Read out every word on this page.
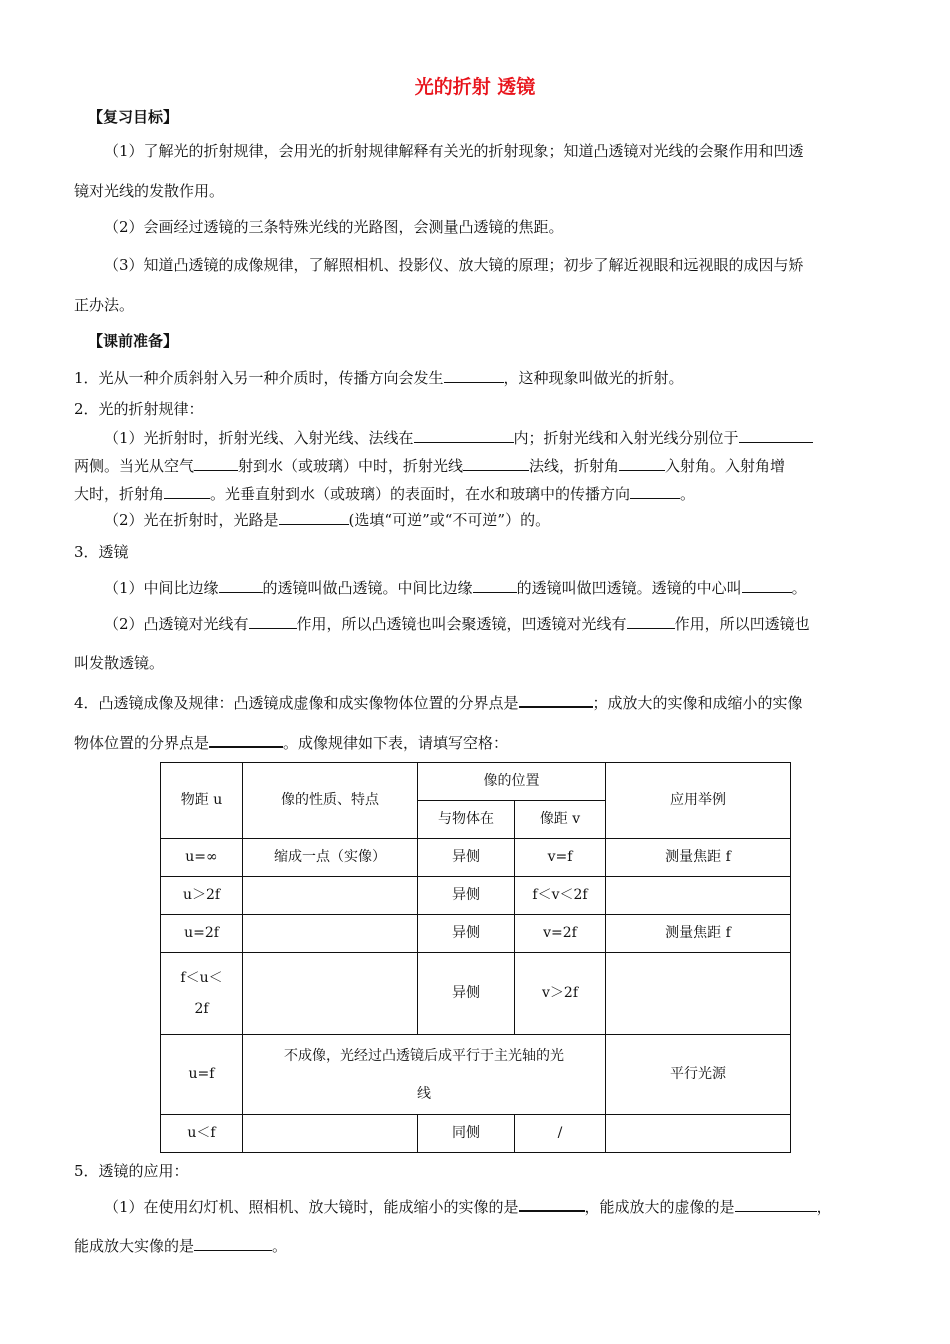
光的折射 透镜
【复习目标】
（1）了解光的折射规律，会用光的折射规律解释有关光的折射现象；知道凸透镜对光线的会聚作用和凹透
镜对光线的发散作用。
（2）会画经过透镜的三条特殊光线的光路图，会测量凸透镜的焦距。
（3）知道凸透镜的成像规律，了解照相机、投影仪、放大镜的原理；初步了解近视眼和远视眼的成因与矫
正办法。
【课前准备】
1．光从一种介质斜射入另一种介质时，传播方向会发生	，这种现象叫做光的折射。
2．光的折射规律：
（1）光折射时，折射光线、入射光线、法线在	内；折射光线和入射光线分别位于
两侧。当光从空气	射到水（或玻璃）中时，折射光线	法线，折射角	入射角。入射角增
大时，折射角	。光垂直射到水（或玻璃）的表面时，在水和玻璃中的传播方向	。
（2）光在折射时，光路是	(选填“可逆”或“不可逆”）的。
3．透镜
（1）中间比边缘	的透镜叫做凸透镜。中间比边缘	的透镜叫做凹透镜。透镜的中心叫	。
（2）凸透镜对光线有	作用，所以凸透镜也叫会聚透镜，凹透镜对光线有	作用，所以凹透镜也
叫发散透镜。
4．凸透镜成像及规律：凸透镜成虚像和成实像物体位置的分界点是	；成放大的实像和成缩小的实像
物体位置的分界点是	。成像规律如下表，请填写空格：
物距 u	像的性质、特点	像的位置		应用举例
		与物体在	像距 v	
u=∞	缩成一点（实像）	异侧	v=f	测量焦距 f
u＞2f		异侧	f＜v＜2f	
u=2f		异侧	v=2f	测量焦距 f

f＜u＜
2f		异侧	v＞2f	
u=f	不成像，光经过凸透镜后成平行于主光轴的光
线			平行光源
u＜f		同侧	/	
5．透镜的应用：
（1）在使用幻灯机、照相机、放大镜时，能成缩小的实像的是	，能成放大的虚像的是	，
能成放大实像的是	。
